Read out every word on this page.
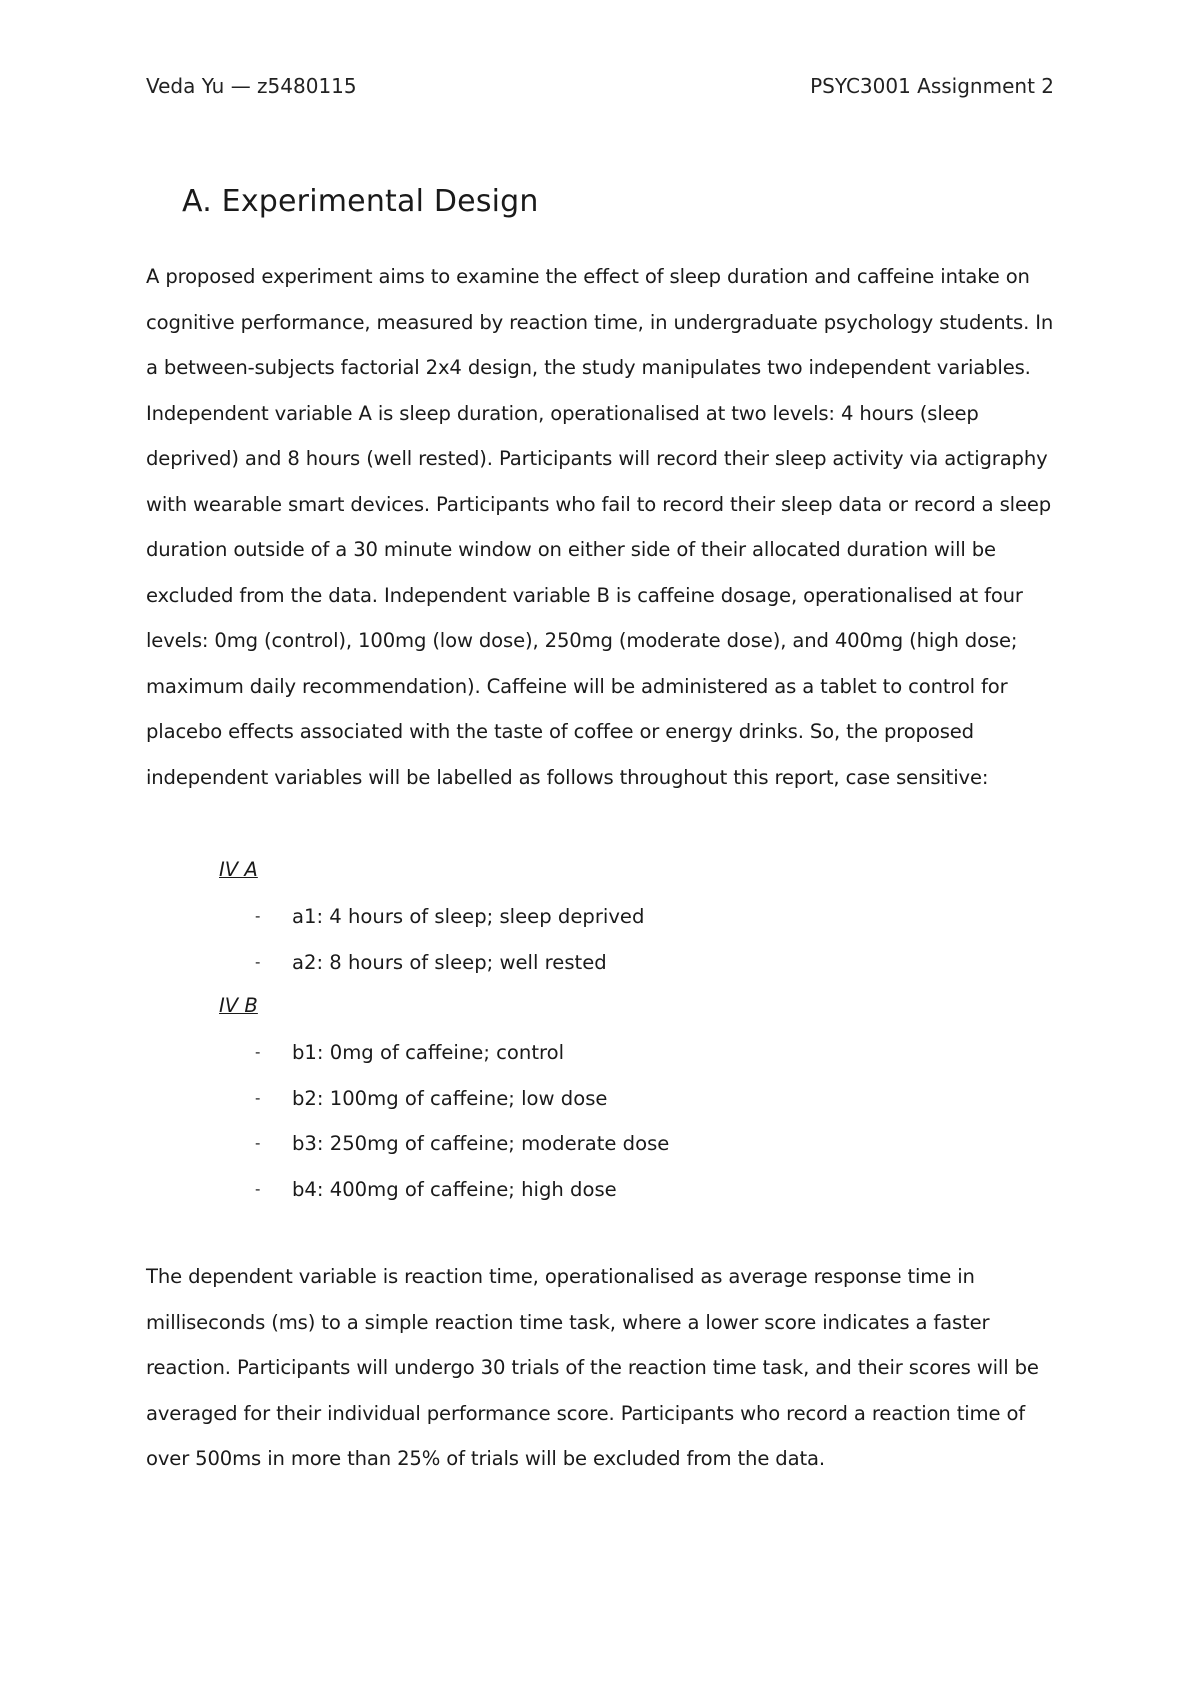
Veda Yu — z5480115	PSYC3001 Assignment 2
A. Experimental Design

A proposed experiment aims to examine the effect of sleep duration and caffeine intake on cognitive performance, measured by reaction time, in undergraduate psychology students. In a between-subjects factorial 2x4 design, the study manipulates two independent variables. Independent variable A is sleep duration, operationalised at two levels: 4 hours (sleep deprived) and 8 hours (well rested). Participants will record their sleep activity via actigraphy with wearable smart devices. Participants who fail to record their sleep data or record a sleep duration outside of a 30 minute window on either side of their allocated duration will be excluded from the data. Independent variable B is caffeine dosage, operationalised at four levels: 0mg (control), 100mg (low dose), 250mg (moderate dose), and 400mg (high dose; maximum daily recommendation). Caffeine will be administered as a tablet to control for placebo effects associated with the taste of coffee or energy drinks. So, the proposed independent variables will be labelled as follows throughout this report, case sensitive:

IV A
- a1: 4 hours of sleep; sleep deprived
- a2: 8 hours of sleep; well rested
IV B
- b1: 0mg of caffeine; control
- b2: 100mg of caffeine; low dose
- b3: 250mg of caffeine; moderate dose
- b4: 400mg of caffeine; high dose

The dependent variable is reaction time, operationalised as average response time in milliseconds (ms) to a simple reaction time task, where a lower score indicates a faster reaction. Participants will undergo 30 trials of the reaction time task, and their scores will be averaged for their individual performance score. Participants who record a reaction time of over 500ms in more than 25% of trials will be excluded from the data.
